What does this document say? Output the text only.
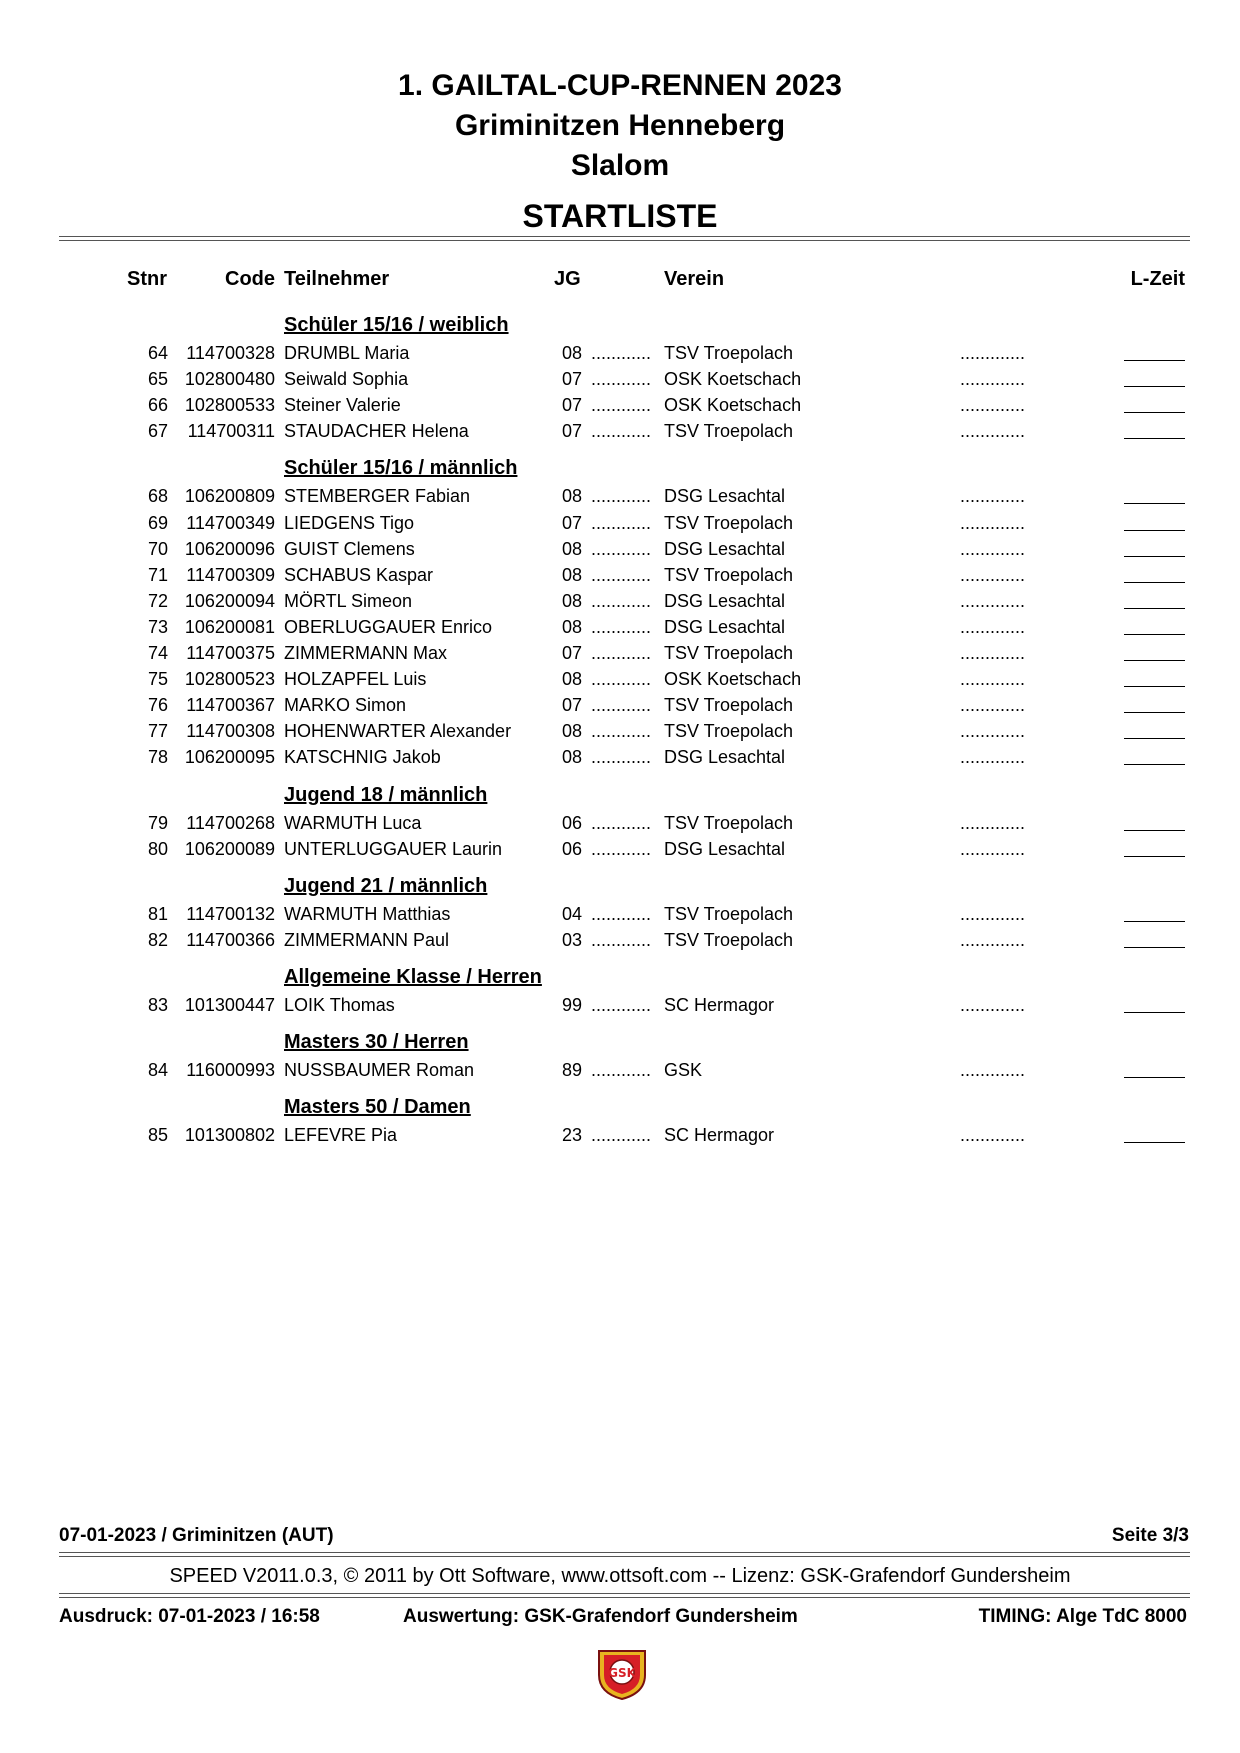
1. GAILTAL-CUP-RENNEN 2023
Griminitzen Henneberg
Slalom
STARTLISTE
Stnr	Code Teilnehmer	JG	Verein	L-Zeit
Schüler 15/16 / weiblich
64 114700328 DRUMBL Maria	08 ............ TSV Troepolach	.............
65 102800480 Seiwald Sophia	07 ............ OSK Koetschach	.............
66 102800533 Steiner Valerie	07 ............ OSK Koetschach	.............
67 114700311 STAUDACHER Helena	07 ............ TSV Troepolach	.............
Schüler 15/16 / männlich
68 106200809 STEMBERGER Fabian	08 ............ DSG Lesachtal	.............
69 114700349 LIEDGENS Tigo	07 ............ TSV Troepolach	.............
70 106200096 GUIST Clemens	08 ............ DSG Lesachtal	.............
71 114700309 SCHABUS Kaspar	08 ............ TSV Troepolach	.............
72 106200094 MÖRTL Simeon	08 ............ DSG Lesachtal	.............
73 106200081 OBERLUGGAUER Enrico	08 ............ DSG Lesachtal	.............
74 114700375 ZIMMERMANN Max	07 ............ TSV Troepolach	.............
75 102800523 HOLZAPFEL Luis	08 ............ OSK Koetschach	.............
76 114700367 MARKO Simon	07 ............ TSV Troepolach	.............
77 114700308 HOHENWARTER Alexander	08 ............ TSV Troepolach	.............
78 106200095 KATSCHNIG Jakob	08 ............ DSG Lesachtal	.............
Jugend 18 / männlich
79 114700268 WARMUTH Luca	06 ............ TSV Troepolach	.............
80 106200089 UNTERLUGGAUER Laurin	06 ............ DSG Lesachtal	.............
Jugend 21 / männlich
81 114700132 WARMUTH Matthias	04 ............ TSV Troepolach	.............
82 114700366 ZIMMERMANN Paul	03 ............ TSV Troepolach	.............
Allgemeine Klasse / Herren
83 101300447 LOIK Thomas	99 ............ SC Hermagor	.............
Masters 30 / Herren
84 116000993 NUSSBAUMER Roman	89 ............ GSK	.............
Masters 50 / Damen
85 101300802 LEFEVRE Pia	23 ............ SC Hermagor	.............
07-01-2023 / Griminitzen (AUT)	Seite 3/3
SPEED V2011.0.3, © 2011 by Ott Software, www.ottsoft.com -- Lizenz: GSK-Grafendorf Gundersheim
Ausdruck: 07-01-2023 / 16:58	Auswertung: GSK-Grafendorf Gundersheim	TIMING: Alge TdC 8000
GSK
